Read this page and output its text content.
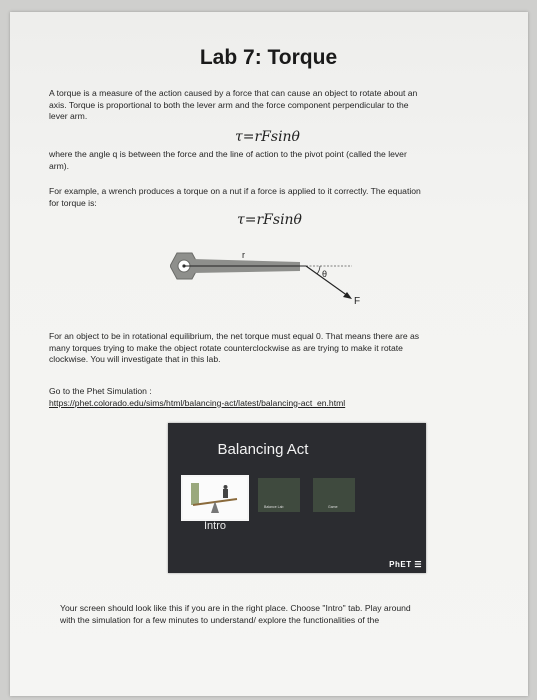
Lab 7: Torque
A torque is a measure of the action caused by a force that can cause an object to rotate about an
axis. Torque is proportional to both the lever arm and the force component perpendicular to the
lever arm.
τ=rFsinθ
where the angle q is between the force and the line of action to the pivot point (called the lever
arm).
For example, a wrench produces a torque on a nut if a force is applied to it correctly. The equation
for torque is:
τ=rFsinθ
r
θ
F
For an object to be in rotational equilibrium, the net torque must equal 0. That means there are as
many torques trying to make the object rotate counterclockwise as are trying to make it rotate
clockwise. You will investigate that in this lab.
Go to the Phet Simulation :
https://phet.colorado.edu/sims/html/balancing-act/latest/balancing-act_en.html
Balancing Act
Intro
Balance Lab	Game
PhET ☰
Your screen should look like this if you are in the right place. Choose "Intro" tab. Play around
with the simulation for a few minutes to understand/ explore the functionalities of the
